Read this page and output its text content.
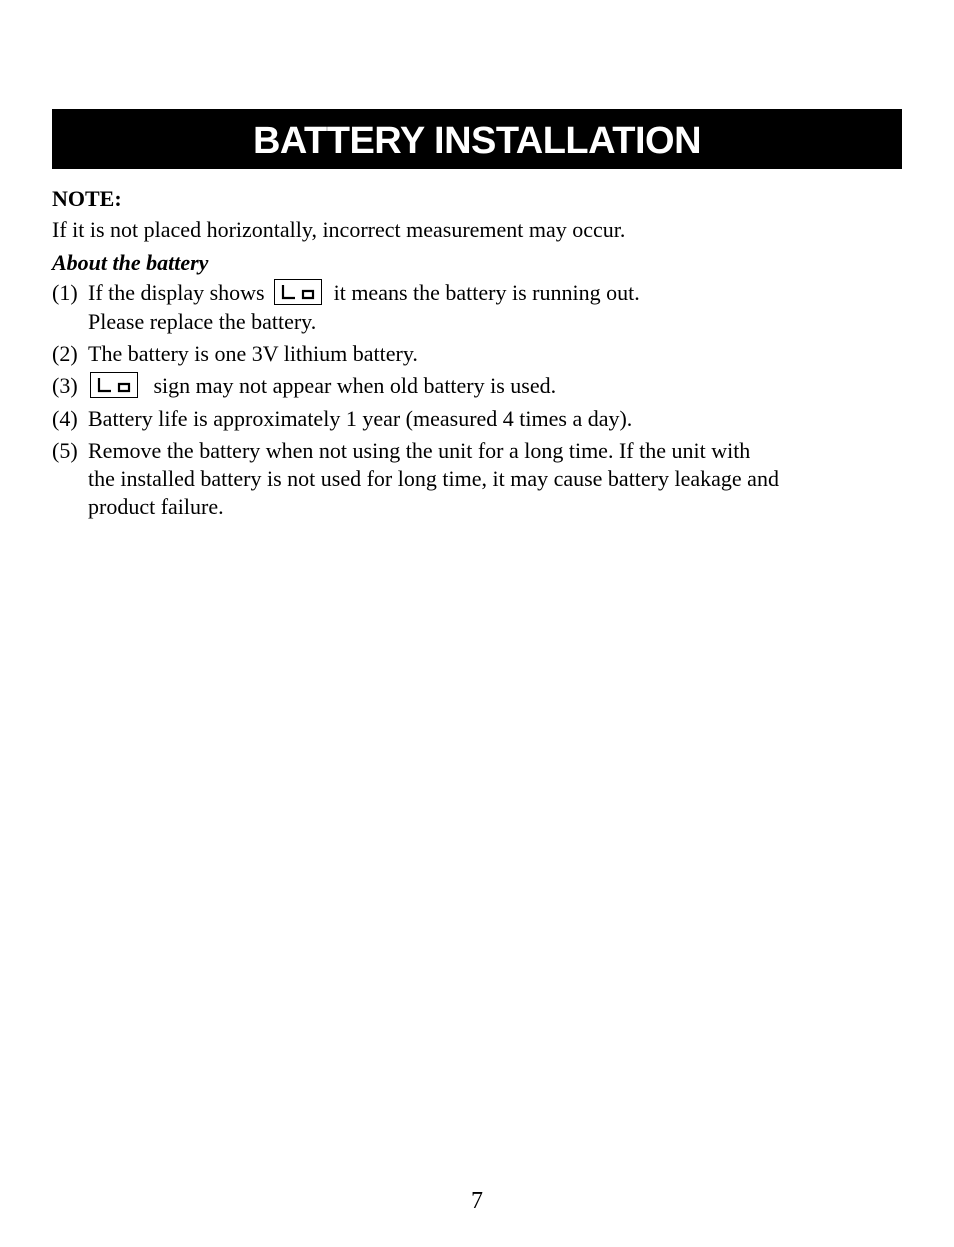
BATTERY INSTALLATION

NOTE:

If it is not placed horizontally, incorrect measurement may occur.

About the battery

(1) If the display shows	it means the battery is running out.
Please replace the battery.
(2) The battery is one 3V lithium battery.
(3)	sign may not appear when old battery is used.
(4) Battery life is approximately 1 year (measured 4 times a day).
(5) Remove the battery when not using the unit for a long time. If the unit with
the installed battery is not used for long time, it may cause battery leakage and
product failure.
7
